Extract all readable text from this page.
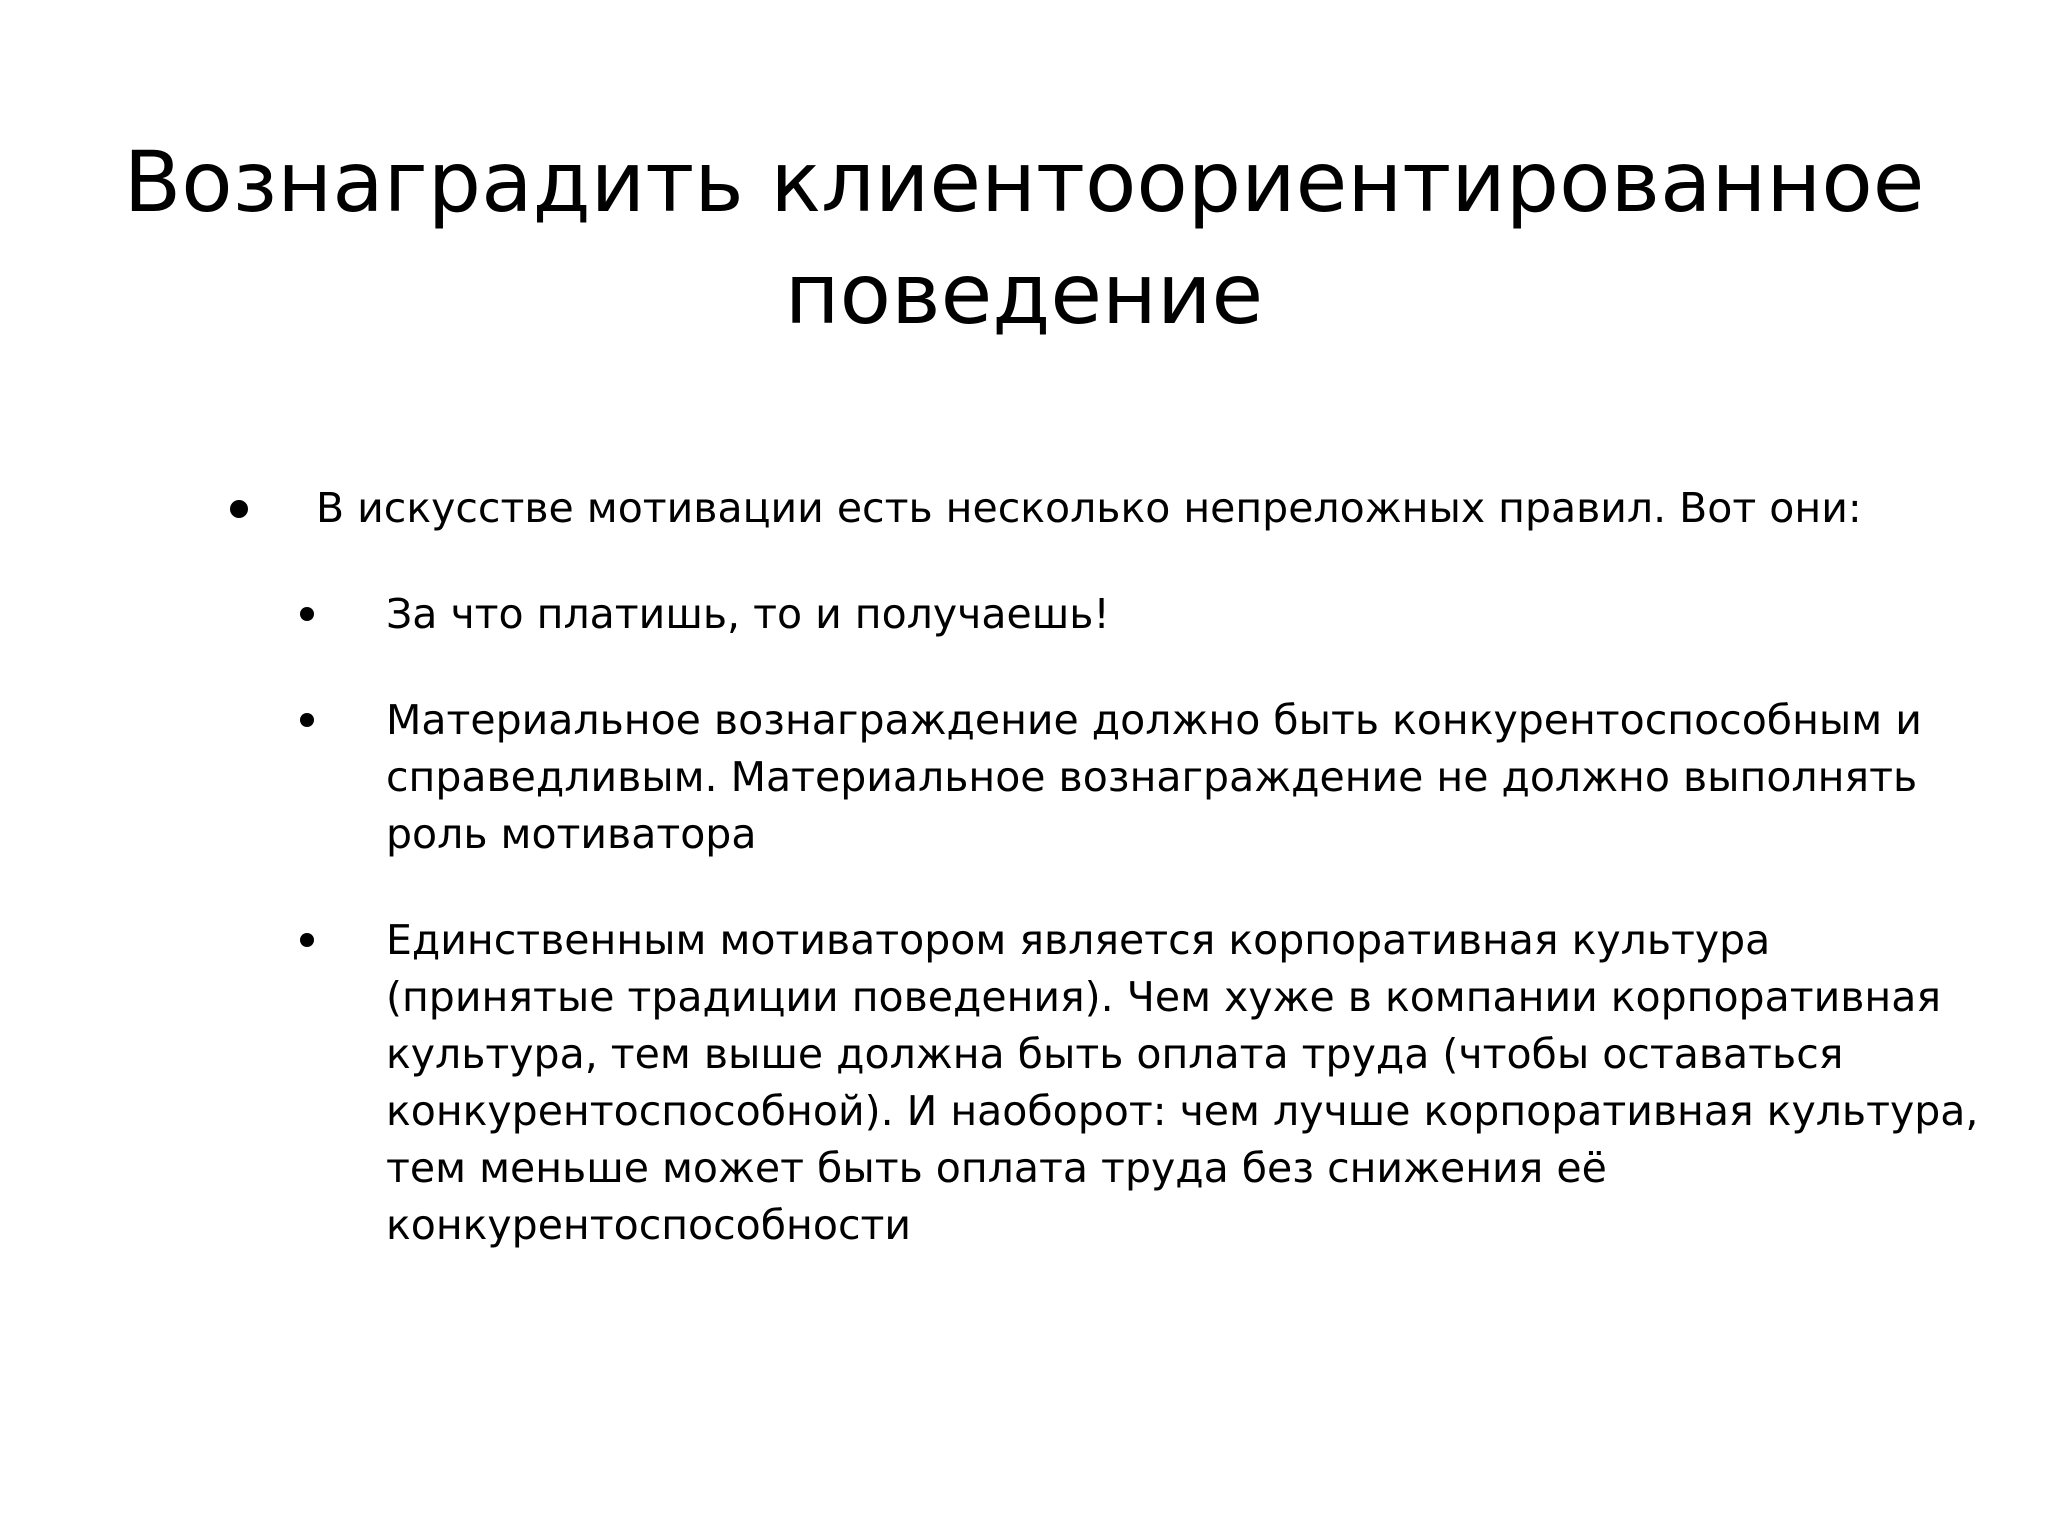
Вознаградить клиентоориентированное поведение

В искусстве мотивации есть несколько непреложных правил. Вот они:

За что платишь, то и получаешь!

Материальное вознаграждение должно быть конкурентоспособным и
справедливым. Материальное вознаграждение не должно выполнять
роль мотиватора

Единственным мотиватором является корпоративная культура
(принятые традиции поведения). Чем хуже в компании корпоративная
культура, тем выше должна быть оплата труда (чтобы оставаться
конкурентоспособной). И наоборот: чем лучше корпоративная культура,
тем меньше может быть оплата труда без снижения её
конкурентоспособности
